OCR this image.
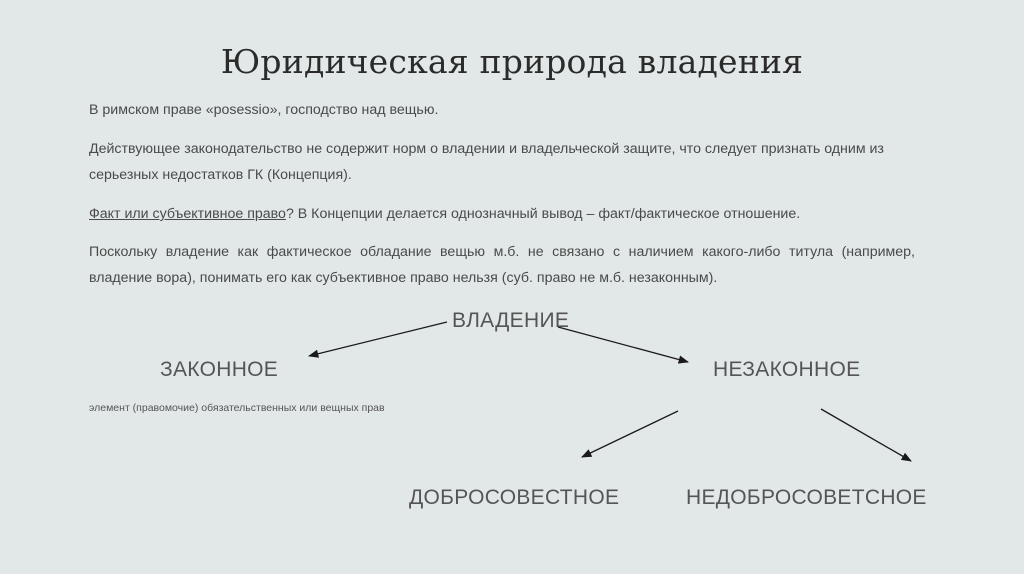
Юридическая природа владения
В римском праве «posessio», господство над вещью.
Действующее законодательство не содержит норм о владении и владельческой защите, что следует признать одним из серьезных недостатков ГК (Концепция).
Факт или субъективное право? В Концепции делается однозначный вывод – факт/фактическое отношение.
Поскольку владение как фактическое обладание вещью м.б. не связано с наличием какого-либо титула (например, владение вора), понимать его как субъективное право нельзя (суб. право не м.б. незаконным).
ВЛАДЕНИЕ
ЗАКОННОЕ	НЕЗАКОННОЕ
элемент (правомочие) обязательственных или вещных прав
ДОБРОСОВЕСТНОЕ	НЕДОБРОСОВЕТСНОЕ
